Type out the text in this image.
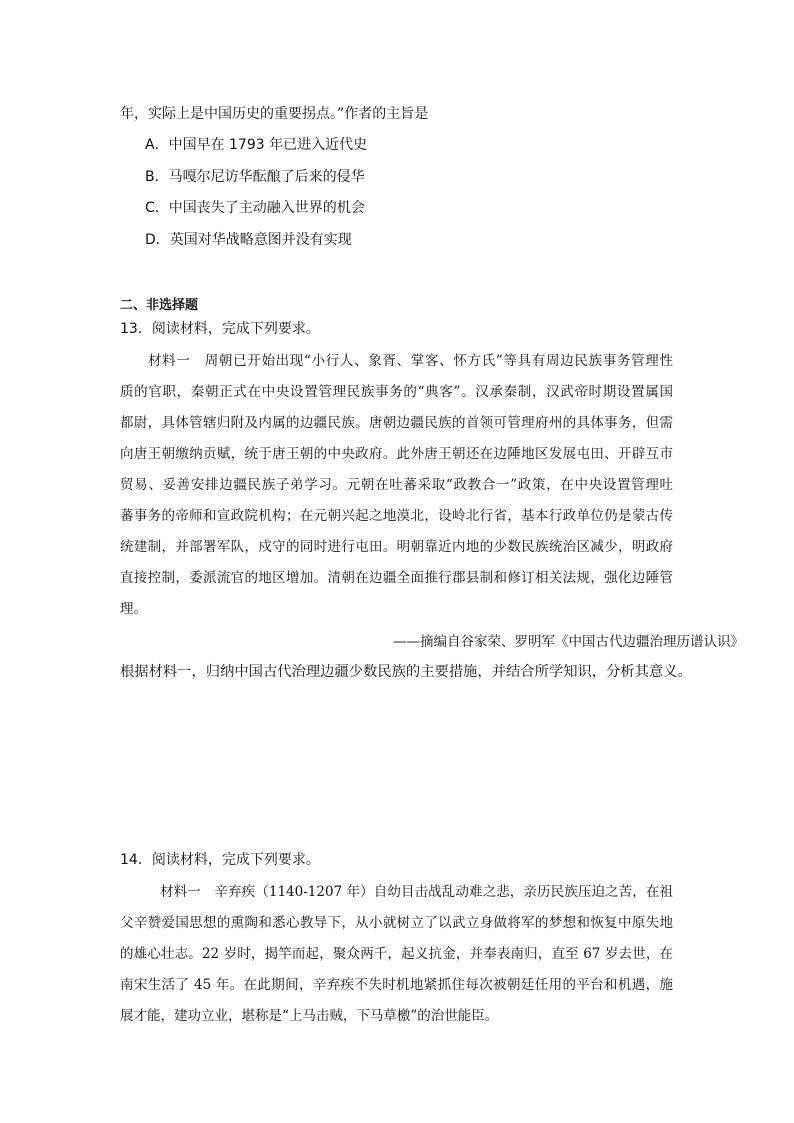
年，实际上是中国历史的重要拐点。”作者的主旨是
A．中国早在 1793 年已进入近代史
B．马嘎尔尼访华酝酿了后来的侵华
C．中国丧失了主动融入世界的机会
D．英国对华战略意图并没有实现
二、非选择题
13．阅读材料，完成下列要求。
材料一　周朝已开始出现“小行人、象胥、掌客、怀方氏”等具有周边民族事务管理性
质的官职，秦朝正式在中央设置管理民族事务的“典客”。汉承秦制，汉武帝时期设置属国
都尉，具体管辖归附及内属的边疆民族。唐朝边疆民族的首领可管理府州的具体事务，但需
向唐王朝缴纳贡赋，统于唐王朝的中央政府。此外唐王朝还在边陲地区发展屯田、开辟互市
贸易、妥善安排边疆民族子弟学习。元朝在吐蕃采取“政教合一”政策，在中央设置管理吐
蕃事务的帝师和宣政院机构；在元朝兴起之地漠北，设岭北行省，基本行政单位仍是蒙古传
统建制，并部署军队，戍守的同时进行屯田。明朝靠近内地的少数民族统治区减少，明政府
直接控制，委派流官的地区增加。清朝在边疆全面推行郡县制和修订相关法规，强化边陲管
理。
——摘编自谷家荣、罗明军《中国古代边疆治理历谱认识》
根据材料一，归纳中国古代治理边疆少数民族的主要措施，并结合所学知识，分析其意义。
14．阅读材料，完成下列要求。
材料一　辛弃疾（1140-1207 年）自幼目击战乱动难之悲，亲历民族压迫之苦，在祖
父辛赞爱国思想的熏陶和悉心教导下，从小就树立了以武立身做将军的梦想和恢复中原失地
的雄心壮志。22 岁时，揭竿而起，聚众两千，起义抗金，并奉表南归，直至 67 岁去世，在
南宋生活了 45 年。在此期间，辛弃疾不失时机地紧抓住每次被朝廷任用的平台和机遇，施
展才能，建功立业，堪称是“上马击贼，下马草檄”的治世能臣。
